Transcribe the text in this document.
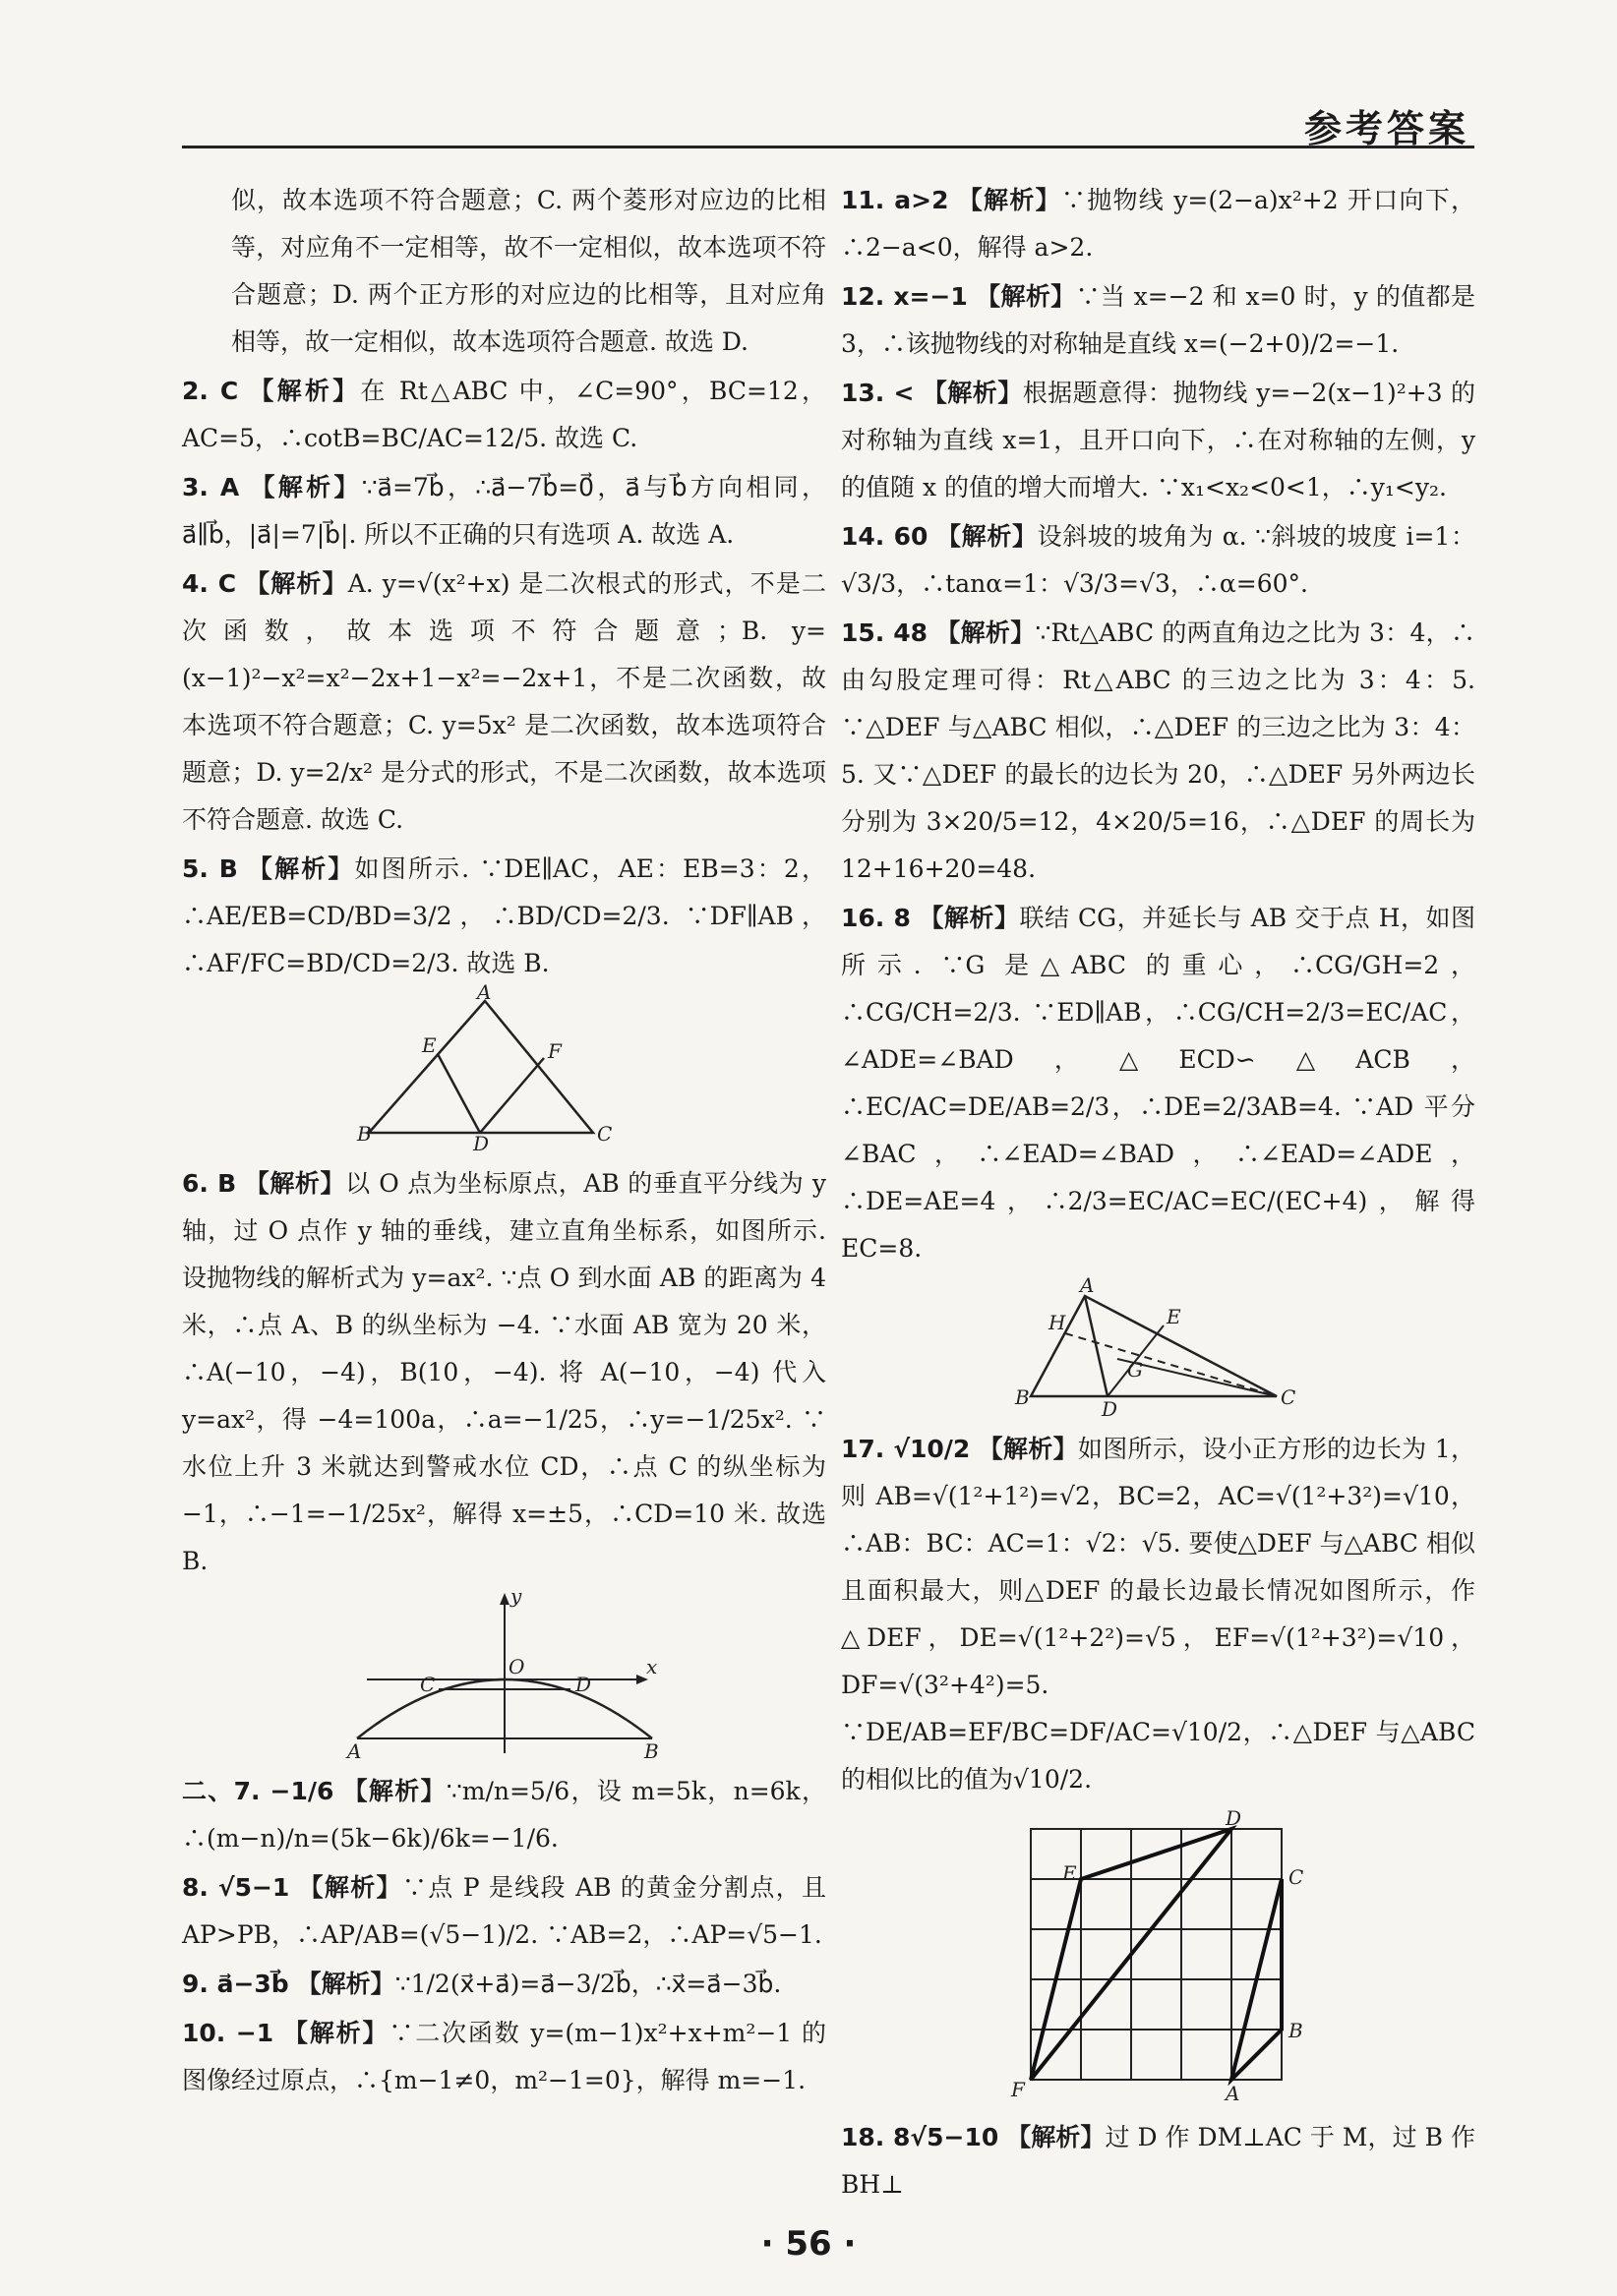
参考答案

似，故本选项不符合题意；C. 两个菱形对应边的比相等，对应角不一定相等，故不一定相似，故本选项不符合题意；D. 两个正方形的对应边的比相等，且对应角相等，故一定相似，故本选项符合题意. 故选 D.

2. C 【解析】在 Rt△ABC 中，∠C=90°，BC=12，AC=5，∴cotB=BC/AC=12/5. 故选 C.

3. A 【解析】∵a⃗=7b⃗，∴a⃗−7b⃗=0⃗，a⃗与b⃗方向相同，a⃗∥b⃗，|a⃗|=7|b⃗|. 所以不正确的只有选项 A. 故选 A.

4. C 【解析】A. y=√(x²+x) 是二次根式的形式，不是二次函数，故本选项不符合题意；B. y=(x−1)²−x²=x²−2x+1−x²=−2x+1，不是二次函数，故本选项不符合题意；C. y=5x² 是二次函数，故本选项符合题意；D. y=2/x² 是分式的形式，不是二次函数，故本选项不符合题意. 故选 C.

5. B 【解析】如图所示. ∵DE∥AC，AE：EB=3：2，∴AE/EB=CD/BD=3/2，∴BD/CD=2/3. ∵DF∥AB，∴AF/FC=BD/CD=2/3. 故选 B.

A
B	C
D
E	F

6. B 【解析】以 O 点为坐标原点，AB 的垂直平分线为 y 轴，过 O 点作 y 轴的垂线，建立直角坐标系，如图所示. 设抛物线的解析式为 y=ax². ∵点 O 到水面 AB 的距离为 4 米，∴点 A、B 的纵坐标为 −4. ∵水面 AB 宽为 20 米，∴A(−10，−4)，B(10，−4). 将 A(−10，−4) 代入 y=ax²，得 −4=100a，∴a=−1/25，∴y=−1/25x². ∵水位上升 3 米就达到警戒水位 CD，∴点 C 的纵坐标为 −1，∴−1=−1/25x²，解得 x=±5，∴CD=10 米. 故选 B.

y
x
O
C	D
A	B

二、7. −1/6 【解析】∵m/n=5/6，设 m=5k，n=6k，∴(m−n)/n=(5k−6k)/6k=−1/6.

8. √5−1 【解析】∵点 P 是线段 AB 的黄金分割点，且 AP>PB，∴AP/AB=(√5−1)/2. ∵AB=2，∴AP=√5−1.

9. a⃗−3b⃗ 【解析】∵1/2(x⃗+a⃗)=a⃗−3/2b⃗，∴x⃗=a⃗−3b⃗.

10. −1 【解析】∵二次函数 y=(m−1)x²+x+m²−1 的图像经过原点，∴{m−1≠0，m²−1=0}，解得 m=−1.

11. a>2 【解析】∵抛物线 y=(2−a)x²+2 开口向下，∴2−a<0，解得 a>2.

12. x=−1 【解析】∵当 x=−2 和 x=0 时，y 的值都是 3，∴该抛物线的对称轴是直线 x=(−2+0)/2=−1.

13. < 【解析】根据题意得：抛物线 y=−2(x−1)²+3 的对称轴为直线 x=1，且开口向下，∴在对称轴的左侧，y 的值随 x 的值的增大而增大. ∵x₁<x₂<0<1，∴y₁<y₂.

14. 60 【解析】设斜坡的坡角为 α. ∵斜坡的坡度 i=1：√3/3，∴tanα=1：√3/3=√3，∴α=60°.

15. 48 【解析】∵Rt△ABC 的两直角边之比为 3：4，∴由勾股定理可得：Rt△ABC 的三边之比为 3：4：5. ∵△DEF 与△ABC 相似，∴△DEF 的三边之比为 3：4：5. 又∵△DEF 的最长的边长为 20，∴△DEF 另外两边长分别为 3×20/5=12，4×20/5=16，∴△DEF 的周长为 12+16+20=48.

16. 8 【解析】联结 CG，并延长与 AB 交于点 H，如图所示. ∵G 是△ABC 的重心，∴CG/GH=2，∴CG/CH=2/3. ∵ED∥AB，∴CG/CH=2/3=EC/AC，∠ADE=∠BAD，△ECD∽△ACB，∴EC/AC=DE/AB=2/3，∴DE=2/3AB=4. ∵AD 平分∠BAC，∴∠EAD=∠BAD，∴∠EAD=∠ADE，∴DE=AE=4，∴2/3=EC/AC=EC/(EC+4)，解得 EC=8.

A
B	C
D
E
H
G

17. √10/2 【解析】如图所示，设小正方形的边长为 1，则 AB=√(1²+1²)=√2，BC=2，AC=√(1²+3²)=√10，∴AB：BC：AC=1：√2：√5. 要使△DEF 与△ABC 相似且面积最大，则△DEF 的最长边最长情况如图所示，作△DEF，DE=√(1²+2²)=√5，EF=√(1²+3²)=√10，DF=√(3²+4²)=5. ∵DE/AB=EF/BC=DF/AC=√10/2，∴△DEF 与△ABC 的相似比的值为√10/2.

D
E	C
B
F	A

18. 8√5−10 【解析】过 D 作 DM⊥AC 于 M，过 B 作 BH⊥

· 56 ·
